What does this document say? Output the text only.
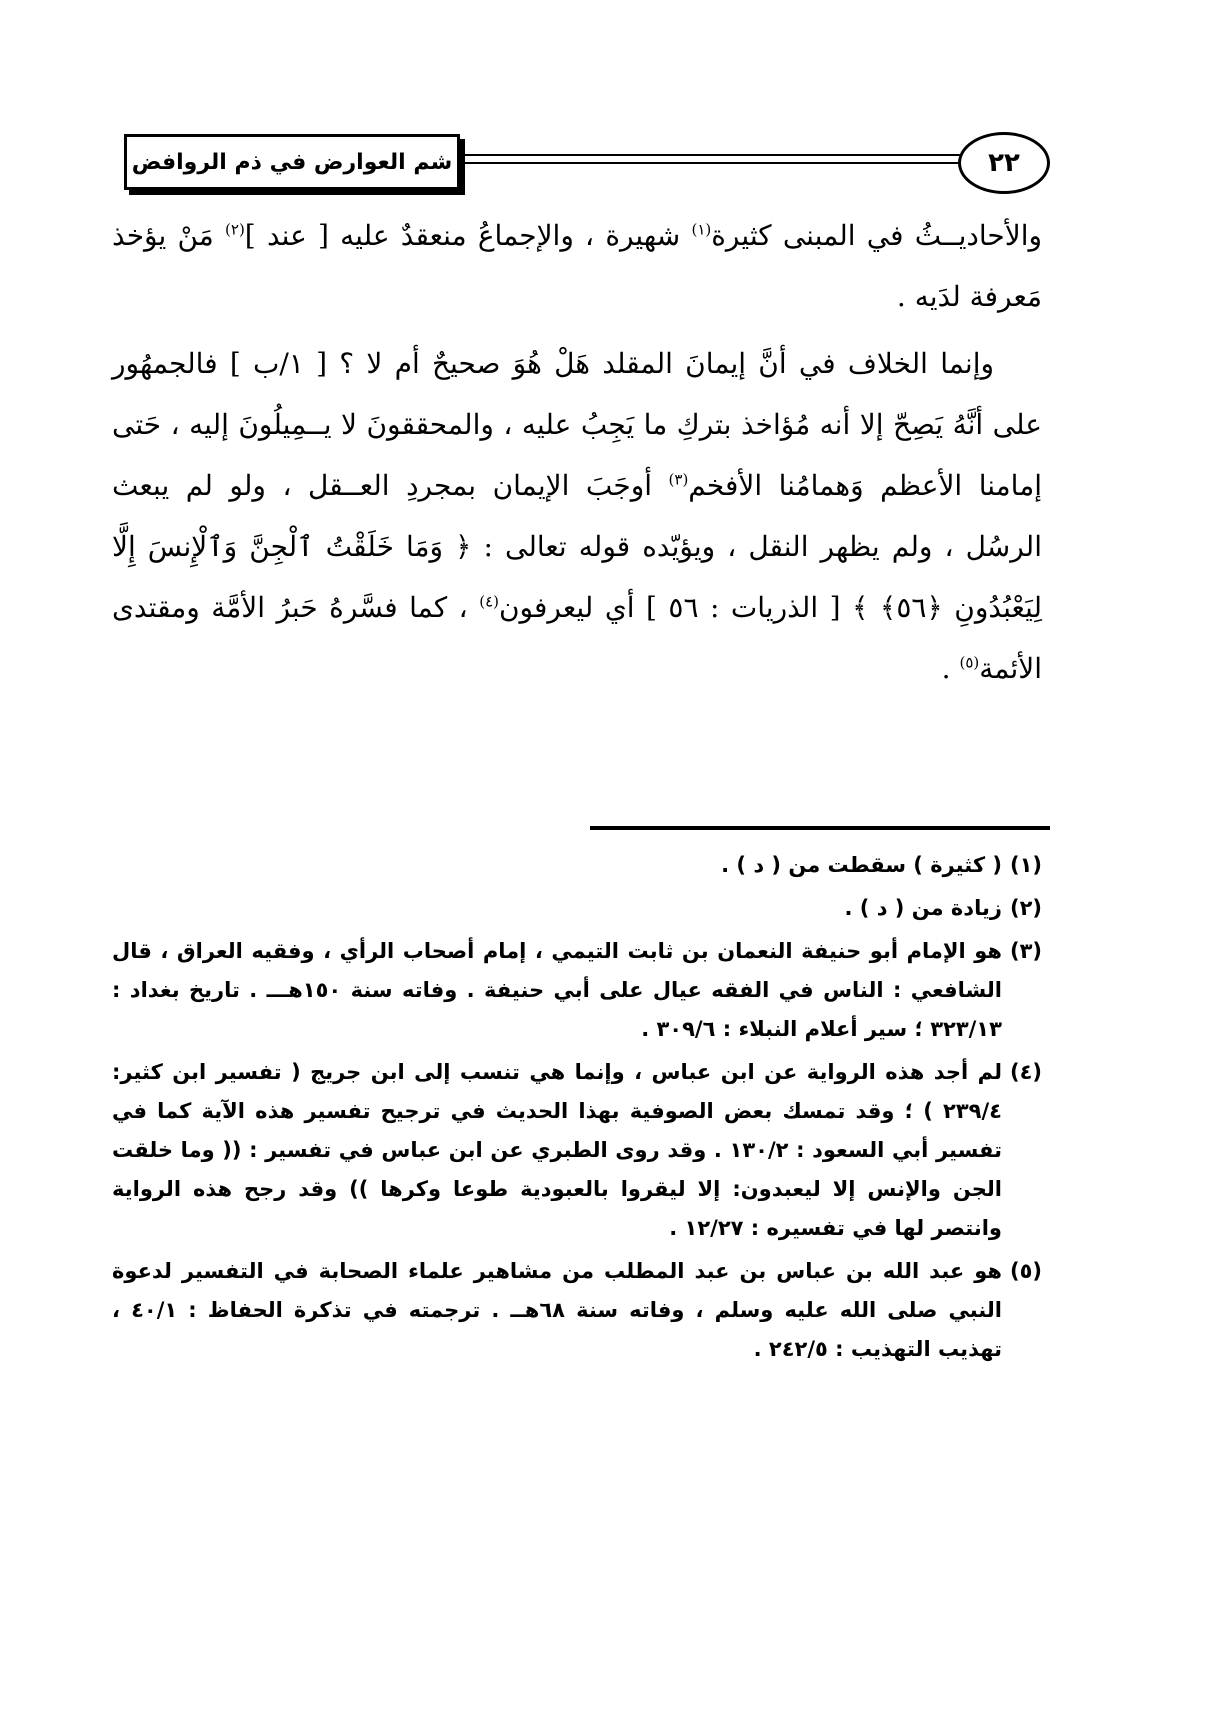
شم العوارض في ذم الروافض	٢٢

والأحاديــثُ في المبنى كثيرة$^{(١)}$ شهيرة ، والإجماعُ منعقدٌ عليه [ عند ]$^{(٢)}$ مَنْ يؤخذ مَعرفة لدَيه .

وإنما الخلاف في أنَّ إيمانَ المقلد هَلْ هُوَ صحيحٌ أم لا ؟ [ ١/ب ] فالجمهُور على أنَّهُ يَصِحّ إلا أنه مُؤاخذ بتركِ ما يَجِبُ عليه ، والمحققونَ لا يــمِيلُونَ إليه ، حَتى إمامنا الأعظم وَهمامُنا الأفخم$^{(٣)}$ أوجَبَ الإيمان بمجردِ العــقل ، ولو لم يبعث الرسُل ، ولم يظهر النقل ، ويؤيّده قوله تعالى : ﴿ وَمَا خَلَقْتُ ٱلْجِنَّ وَٱلْإِنسَ إِلَّا لِيَعْبُدُونِ ﴿٥٦﴾ ﴾ [ الذريات : ٥٦ ] أي ليعرفون$^{(٤)}$ ، كما فسَّرهُ حَبرُ الأمَّة ومقتدى الأئمة$^{(٥)}$ .

(١)
( كثيرة ) سقطت من ( د ) .
(٢)
زيادة من ( د ) .
(٣)
هو الإمام أبو حنيفة النعمان بن ثابت التيمي ، إمام أصحاب الرأي ، وفقيه العراق ، قال الشافعي : الناس في الفقه عيال على أبي حنيفة . وفاته سنة ١٥٠هـــ . تاريخ بغداد : ٣٢٣/١٣ ؛ سير أعلام النبلاء : ٣٠٩/٦ .
(٤)
لم أجد هذه الرواية عن ابن عباس ، وإنما هي تنسب إلى ابن جريج ( تفسير ابن كثير: ٢٣٩/٤ ) ؛ وقد تمسك بعض الصوفية بهذا الحديث في ترجيح تفسير هذه الآية كما في تفسير أبي السعود : ١٣٠/٢ . وقد روى الطبري عن ابن عباس في تفسير : (( وما خلقت الجن والإنس إلا ليعبدون: إلا ليقروا بالعبودية طوعا وكرها )) وقد رجح هذه الرواية وانتصر لها في تفسيره : ١٢/٢٧ .
(٥)
هو عبد الله بن عباس بن عبد المطلب من مشاهير علماء الصحابة في التفسير لدعوة النبي صلى الله عليه وسلم ، وفاته سنة ٦٨هــ . ترجمته في تذكرة الحفاظ : ٤٠/١ ، تهذيب التهذيب : ٢٤٢/٥ .
